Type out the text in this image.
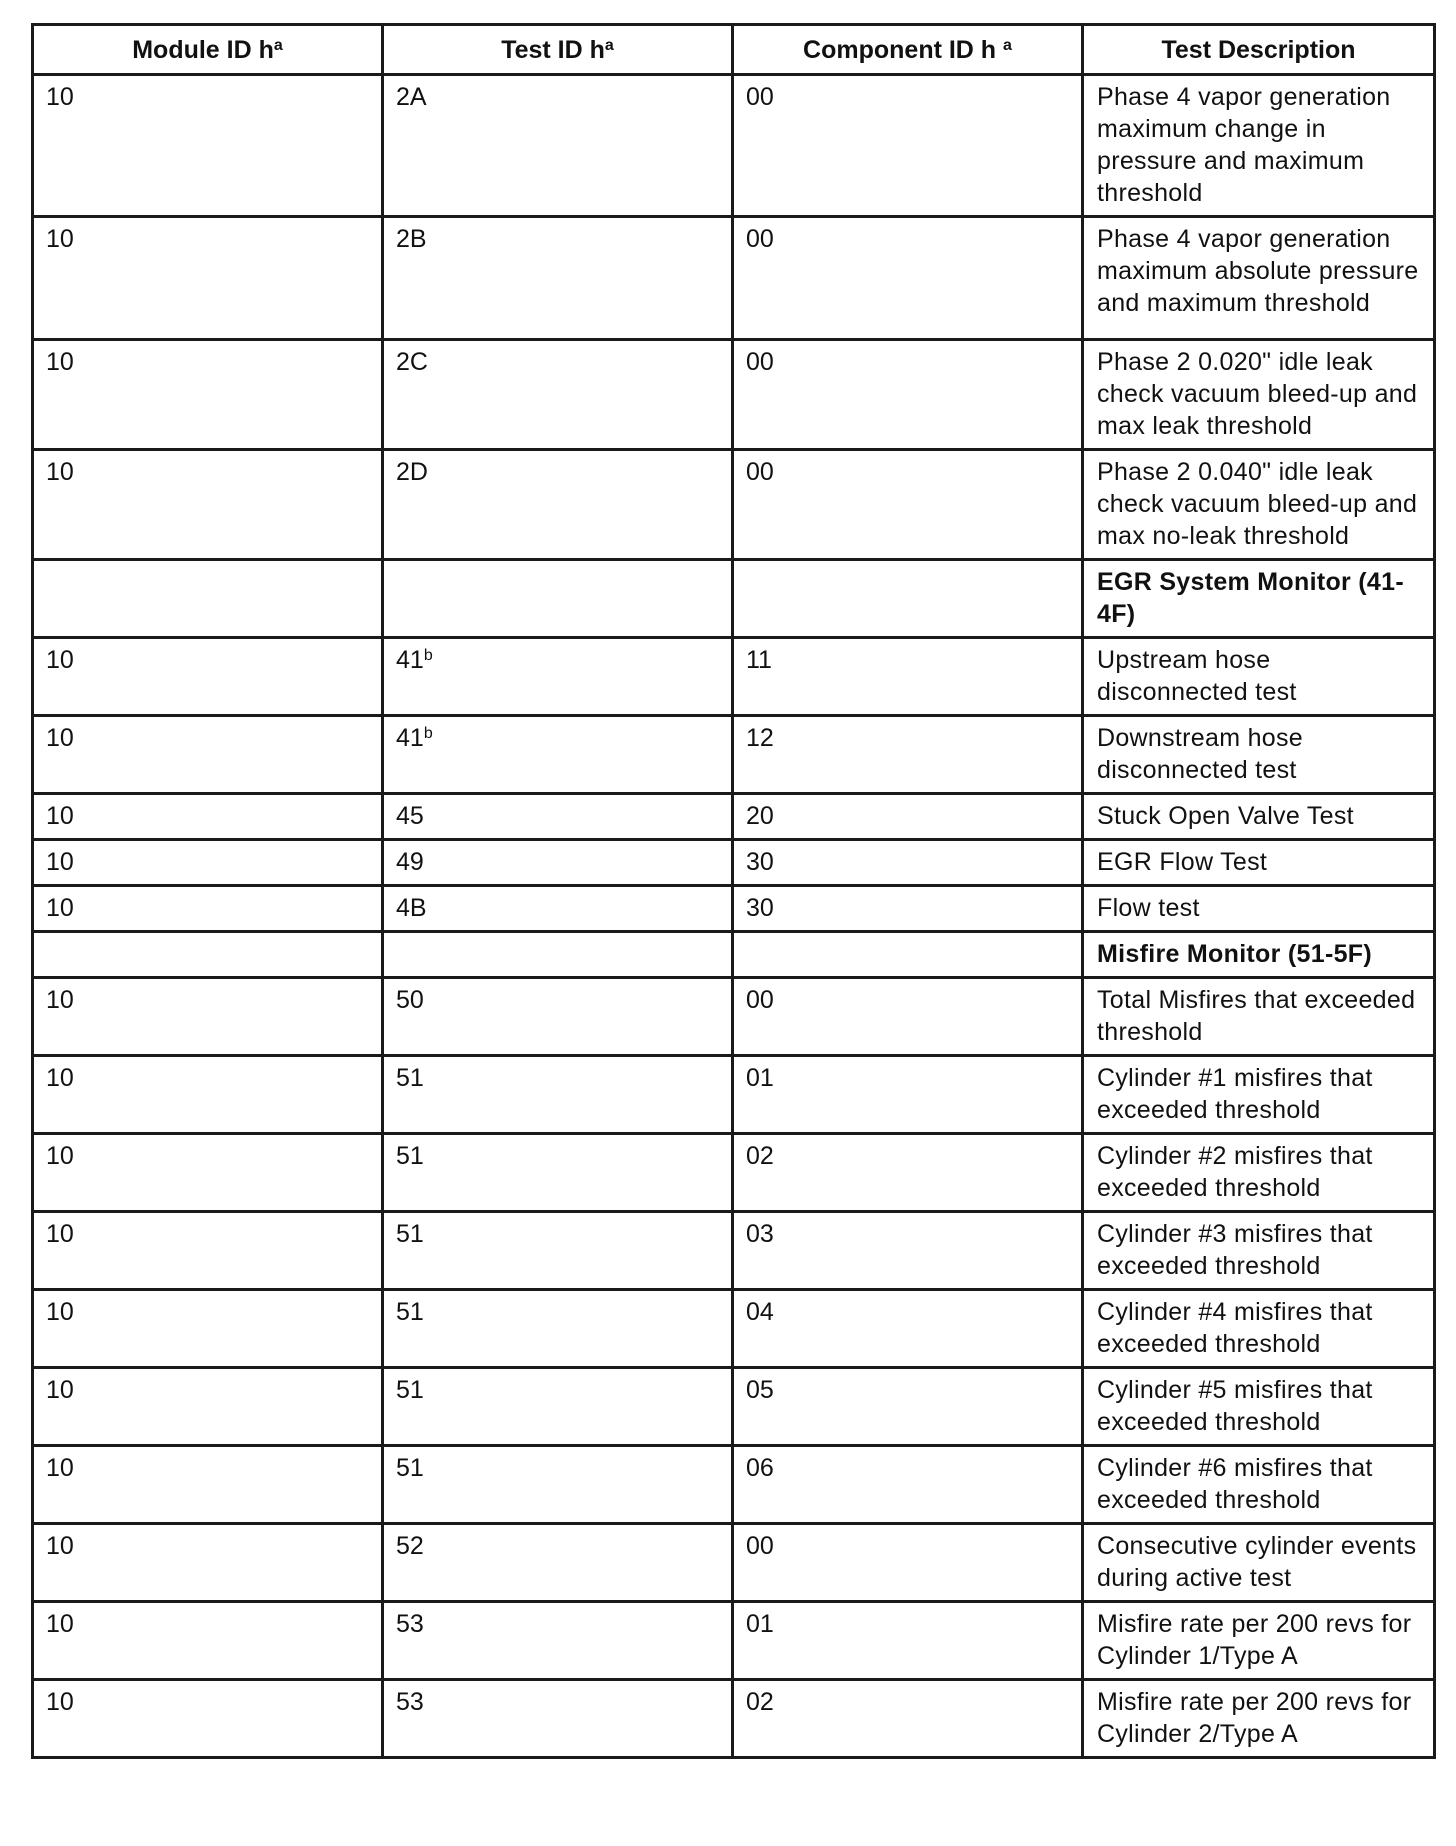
Module ID $h^a$	Test ID $h^a$	Component ID h $^a$	Test Description
10	2A	00	Phase 4 vapor generation maximum change in pressure and maximum threshold
10	2B	00	Phase 4 vapor generation maximum absolute pressure and maximum threshold
10	2C	00	Phase 2 0.020" idle leak check vacuum bleed-up and max leak threshold
10	2D	00	Phase 2 0.040" idle leak check vacuum bleed-up and max no-leak threshold
			EGR System Monitor (41-4F)
10	41$^b$	11	Upstream hose disconnected test
10	41$^b$	12	Downstream hose disconnected test
10	45	20	Stuck Open Valve Test
10	49	30	EGR Flow Test
10	4B	30	Flow test
			Misfire Monitor (51-5F)
10	50	00	Total Misfires that exceeded threshold
10	51	01	Cylinder #1 misfires that exceeded threshold
10	51	02	Cylinder #2 misfires that exceeded threshold
10	51	03	Cylinder #3 misfires that exceeded threshold
10	51	04	Cylinder #4 misfires that exceeded threshold
10	51	05	Cylinder #5 misfires that exceeded threshold
10	51	06	Cylinder #6 misfires that exceeded threshold
10	52	00	Consecutive cylinder events during active test
10	53	01	Misfire rate per 200 revs for Cylinder 1/Type A
10	53	02	Misfire rate per 200 revs for Cylinder 2/Type A
